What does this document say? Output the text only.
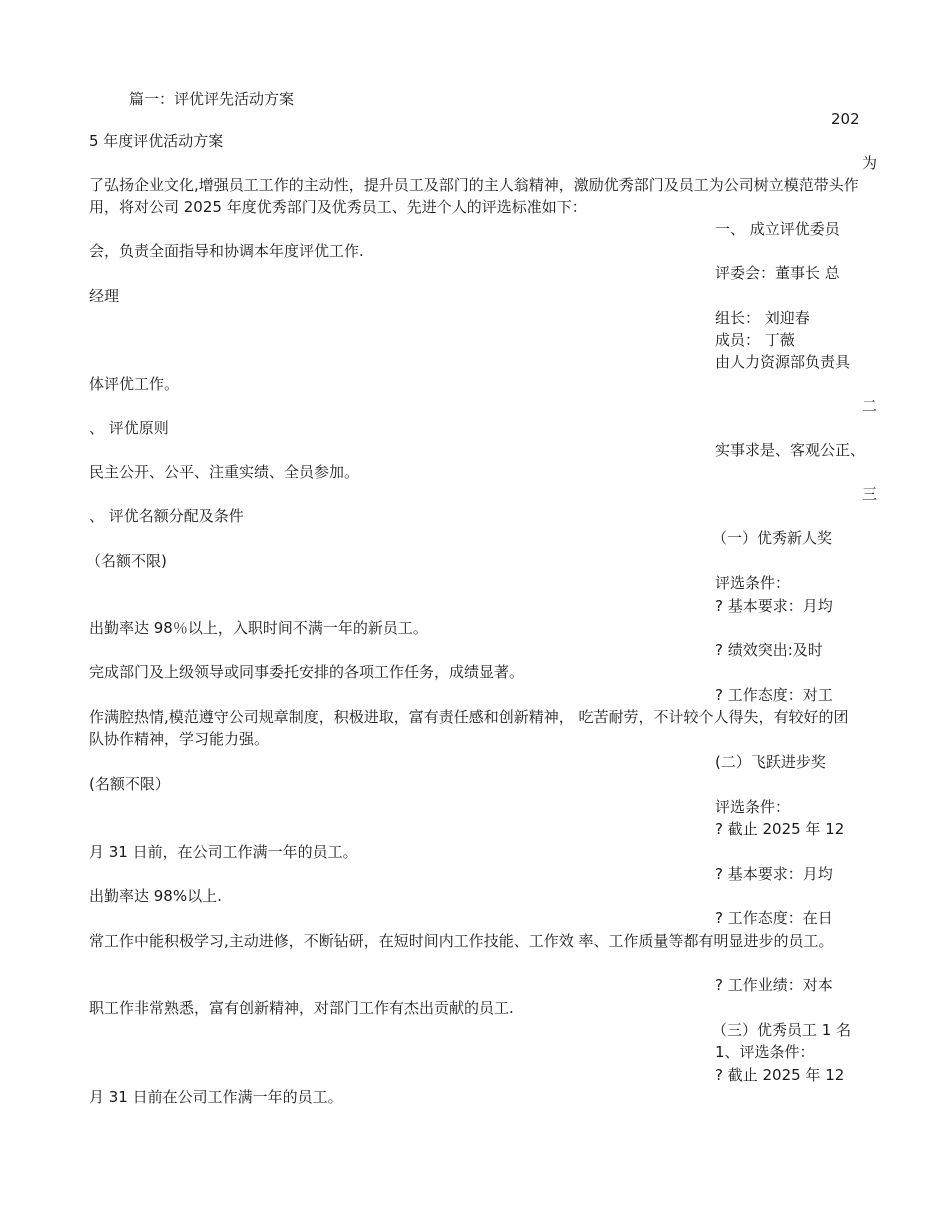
篇一：评优评先活动方案
202
5 年度评优活动方案
为
了弘扬企业文化,增强员工工作的主动性，提升员工及部门的主人翁精神，激励优秀部门及员工为公司树立模范带头作用，将对公司 2025 年度优秀部门及优秀员工、先进个人的评选标准如下：
一、 成立评优委员
会，负责全面指导和协调本年度评优工作.
评委会：董事长 总
经理
组长： 刘迎春
成员： 丁薇
由人力资源部负责具
体评优工作。
二
、 评优原则
实事求是、客观公正、
民主公开、公平、注重实绩、全员参加。
三
、 评优名额分配及条件
（一）优秀新人奖
（名额不限)
评选条件：
? 基本要求：月均
出勤率达 98％以上，入职时间不满一年的新员工。
? 绩效突出:及时
完成部门及上级领导或同事委托安排的各项工作任务，成绩显著。
? 工作态度：对工
作满腔热情,模范遵守公司规章制度，积极进取，富有责任感和创新精神， 吃苦耐劳，不计较个人得失，有较好的团队协作精神，学习能力强。
(二）飞跃进步奖
(名额不限）
评选条件：
? 截止 2025 年 12
月 31 日前，在公司工作满一年的员工。
? 基本要求：月均
出勤率达 98%以上.
? 工作态度：在日
常工作中能积极学习,主动进修，不断钻研，在短时间内工作技能、工作效 率、工作质量等都有明显进步的员工。
? 工作业绩：对本
职工作非常熟悉，富有创新精神，对部门工作有杰出贡献的员工.
（三）优秀员工 1 名
1、评选条件：
? 截止 2025 年 12
月 31 日前在公司工作满一年的员工。
